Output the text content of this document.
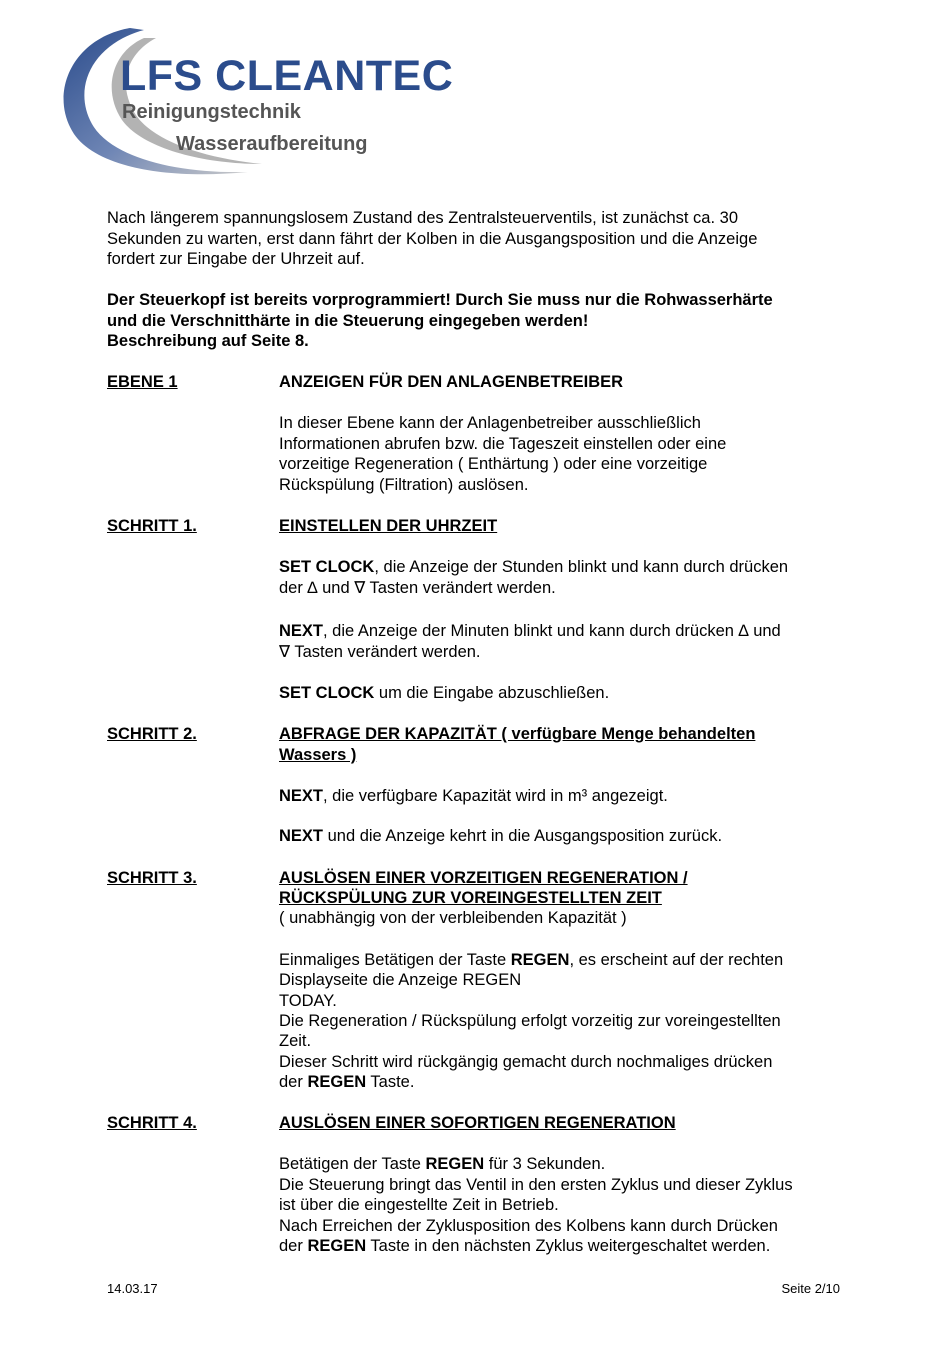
LFS CLEANTEC
Reinigungstechnik
Wasseraufbereitung
Nach längerem spannungslosem Zustand des Zentralsteuerventils, ist zunächst ca. 30
Sekunden zu warten, erst dann fährt der Kolben in die Ausgangsposition und die Anzeige
fordert zur Eingabe der Uhrzeit auf.
Der Steuerkopf ist bereits vorprogrammiert! Durch Sie muss nur die Rohwasserhärte
und die Verschnitthärte in die Steuerung eingegeben werden!
Beschreibung auf Seite 8.
EBENE 1	ANZEIGEN FÜR DEN ANLAGENBETREIBER
In dieser Ebene kann der Anlagenbetreiber ausschließlich
Informationen abrufen bzw. die Tageszeit einstellen oder eine
vorzeitige Regeneration ( Enthärtung ) oder eine vorzeitige
Rückspülung (Filtration) auslösen.
SCHRITT 1.	EINSTELLEN DER UHRZEIT
SET CLOCK, die Anzeige der Stunden blinkt und kann durch drücken
der ∆ und ∇ Tasten verändert werden.
NEXT, die Anzeige der Minuten blinkt und kann durch drücken ∆ und
∇ Tasten verändert werden.
SET CLOCK um die Eingabe abzuschließen.
SCHRITT 2.	ABFRAGE DER KAPAZITÄT ( verfügbare Menge behandelten
Wassers )
NEXT, die verfügbare Kapazität wird in m³ angezeigt.
NEXT und die Anzeige kehrt in die Ausgangsposition zurück.
SCHRITT 3.	AUSLÖSEN EINER VORZEITIGEN REGENERATION /
RÜCKSPÜLUNG ZUR VOREINGESTELLTEN ZEIT
( unabhängig von der verbleibenden Kapazität )
Einmaliges Betätigen der Taste REGEN, es erscheint auf der rechten
Displayseite die Anzeige REGEN
TODAY.
Die Regeneration / Rückspülung erfolgt vorzeitig zur voreingestellten
Zeit.
Dieser Schritt wird rückgängig gemacht durch nochmaliges drücken
der REGEN Taste.
SCHRITT 4.	AUSLÖSEN EINER SOFORTIGEN REGENERATION
Betätigen der Taste REGEN für 3 Sekunden.
Die Steuerung bringt das Ventil in den ersten Zyklus und dieser Zyklus
ist über die eingestellte Zeit in Betrieb.
Nach Erreichen der Zyklusposition des Kolbens kann durch Drücken
der REGEN Taste in den nächsten Zyklus weitergeschaltet werden.
14.03.17	Seite 2/10
